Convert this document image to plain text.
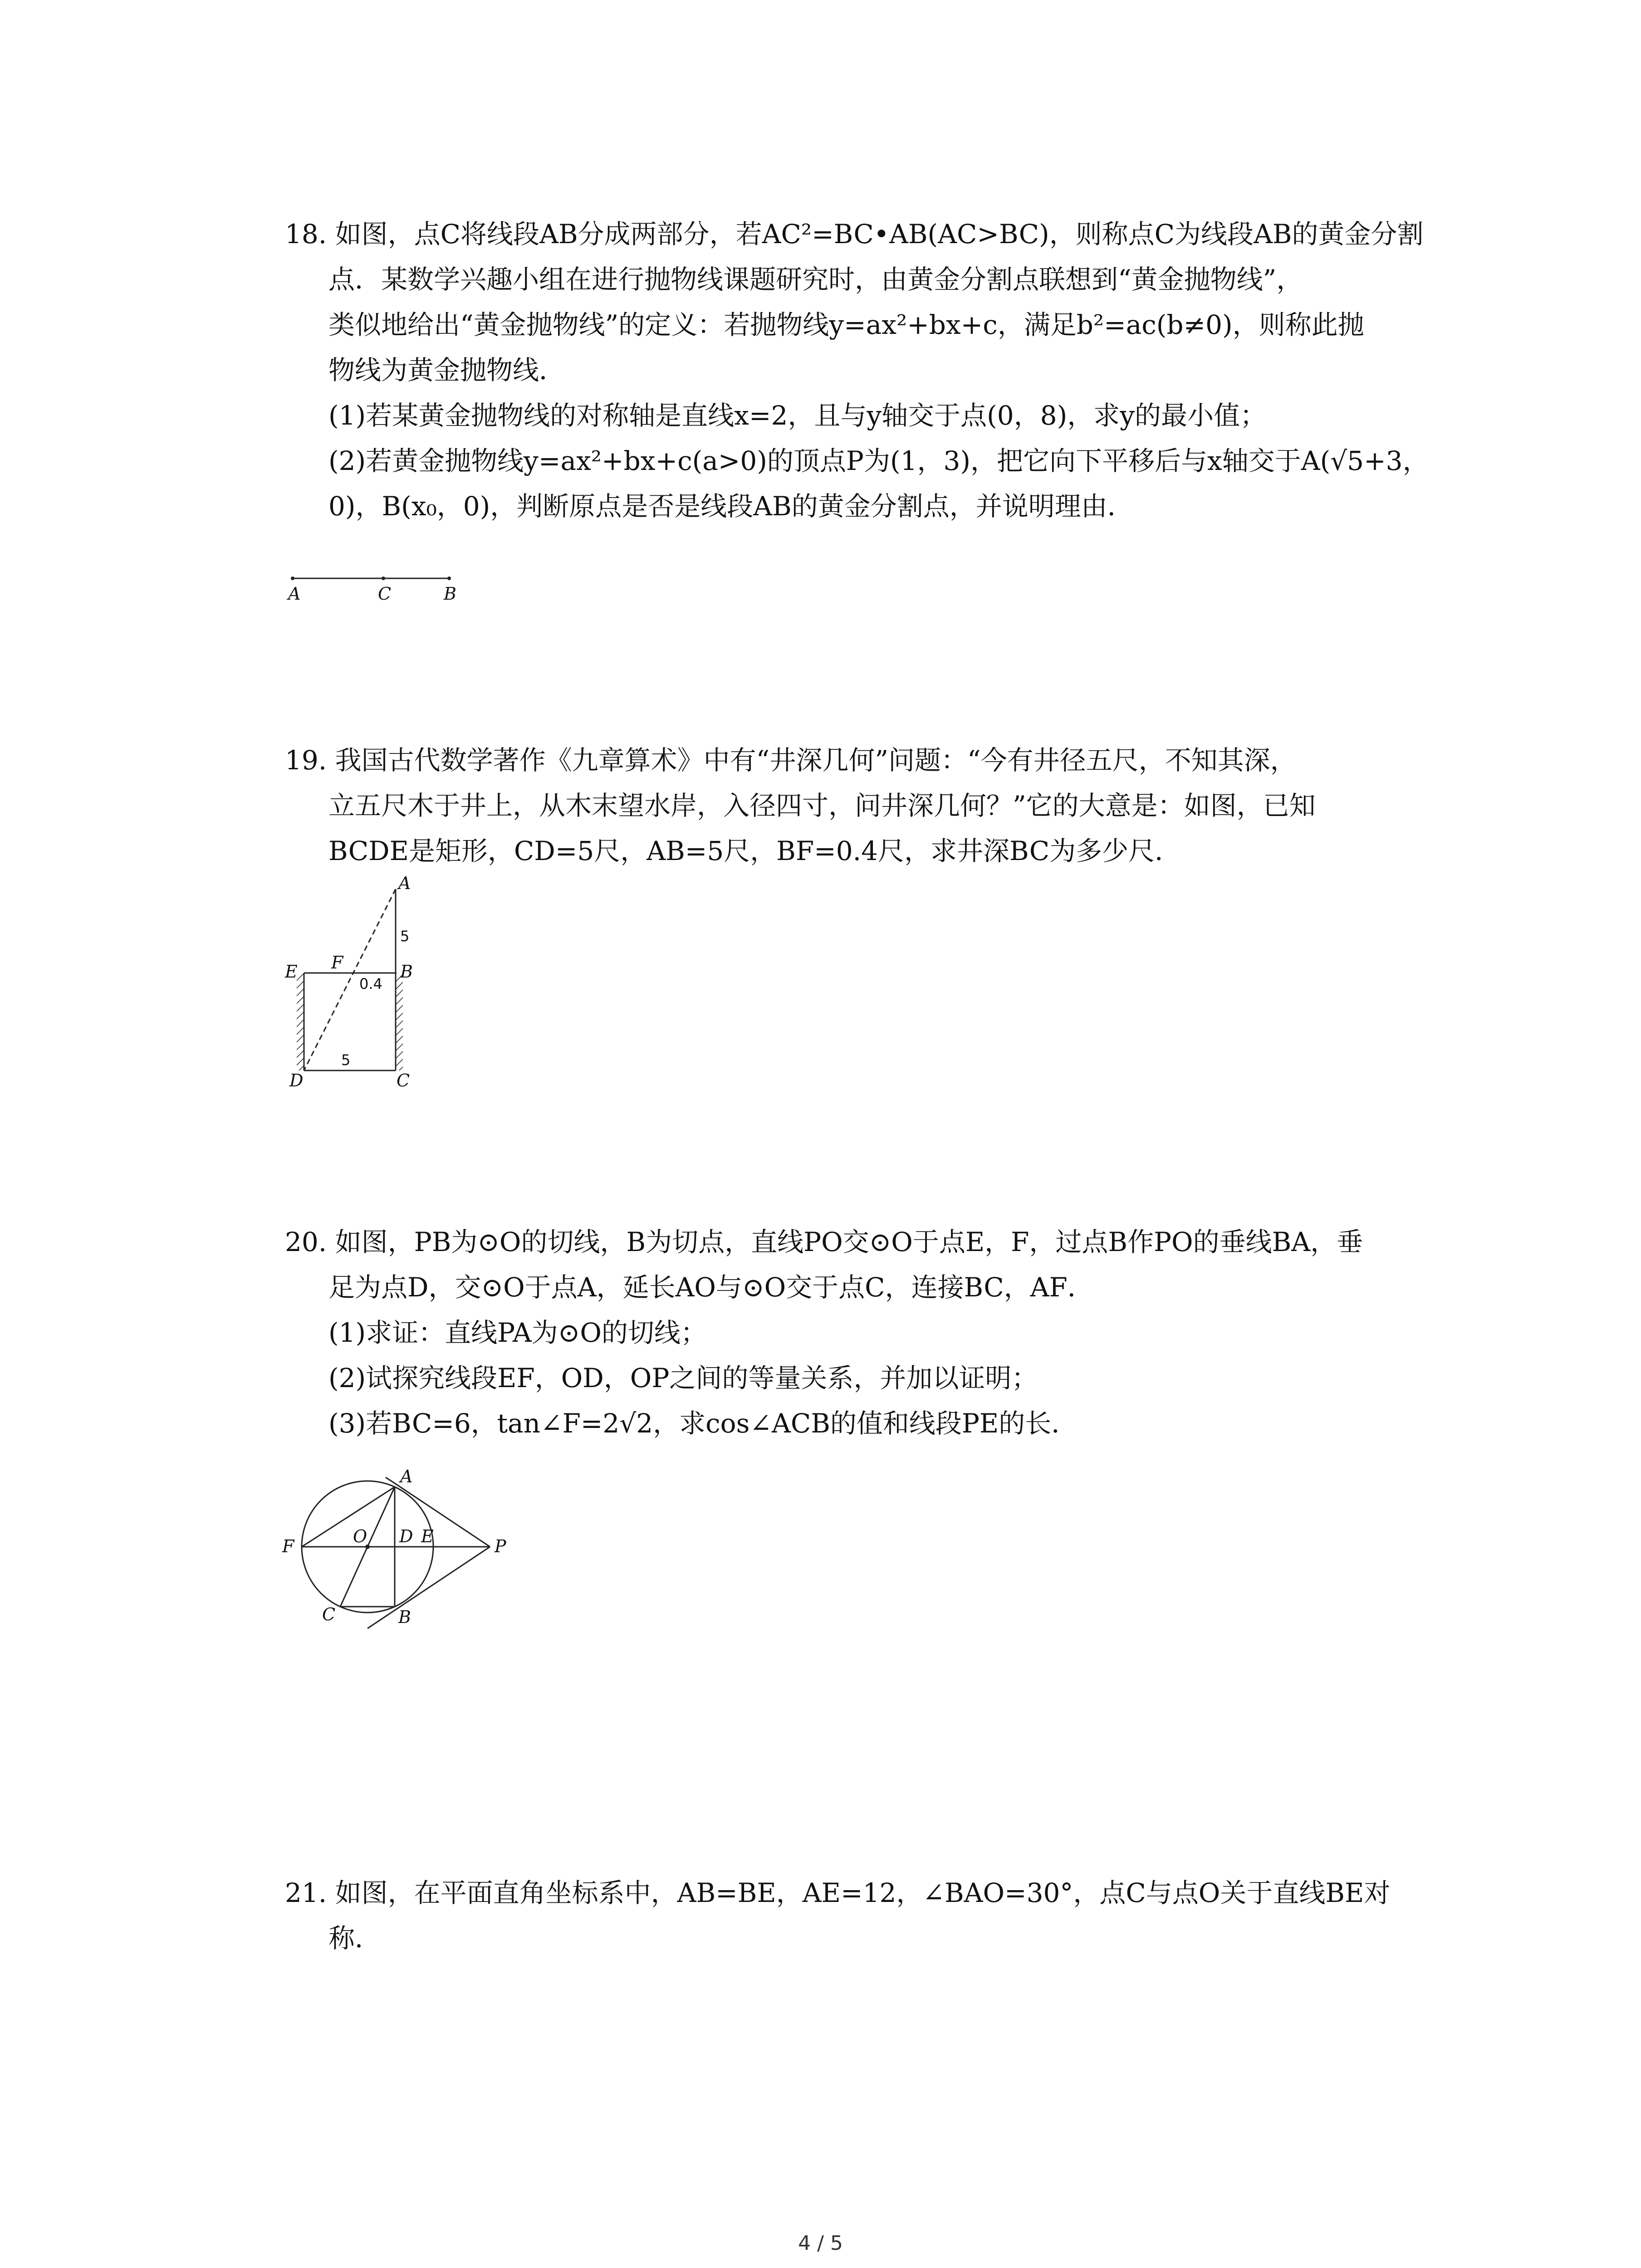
18. 如图，点C将线段AB分成两部分，若AC²=BC•AB(AC>BC)，则称点C为线段AB的黄金分割
点．某数学兴趣小组在进行抛物线课题研究时，由黄金分割点联想到“黄金抛物线”，
类似地给出“黄金抛物线”的定义：若抛物线y=ax²+bx+c，满足b²=ac(b≠0)，则称此抛
物线为黄金抛物线．
(1)若某黄金抛物线的对称轴是直线x=2，且与y轴交于点(0，8)，求y的最小值；
(2)若黄金抛物线y=ax²+bx+c(a>0)的顶点P为(1，3)，把它向下平移后与x轴交于A(√5+3，
0)，B(x₀，0)，判断原点是否是线段AB的黄金分割点，并说明理由．
A	C	B
19. 我国古代数学著作《九章算术》中有“井深几何”问题：“今有井径五尺，不知其深，
立五尺木于井上，从木末望水岸，入径四寸，问井深几何？”它的大意是：如图，已知
BCDE是矩形，CD=5尺，AB=5尺，BF=0.4尺，求井深BC为多少尺．
A
E F	B
D	C
5
0.4
5
20. 如图，PB为⊙O的切线，B为切点，直线PO交⊙O于点E，F，过点B作PO的垂线BA，垂
足为点D，交⊙O于点A，延长AO与⊙O交于点C，连接BC，AF．
(1)求证：直线PA为⊙O的切线；
(2)试探究线段EF，OD，OP之间的等量关系，并加以证明；
(3)若BC=6，tan∠F=2√2，求cos∠ACB的值和线段PE的长．
A
F	O D E	P
C	B
21. 如图，在平面直角坐标系中，AB=BE，AE=12，∠BAO=30°，点C与点O关于直线BE对
称．
4 / 5
